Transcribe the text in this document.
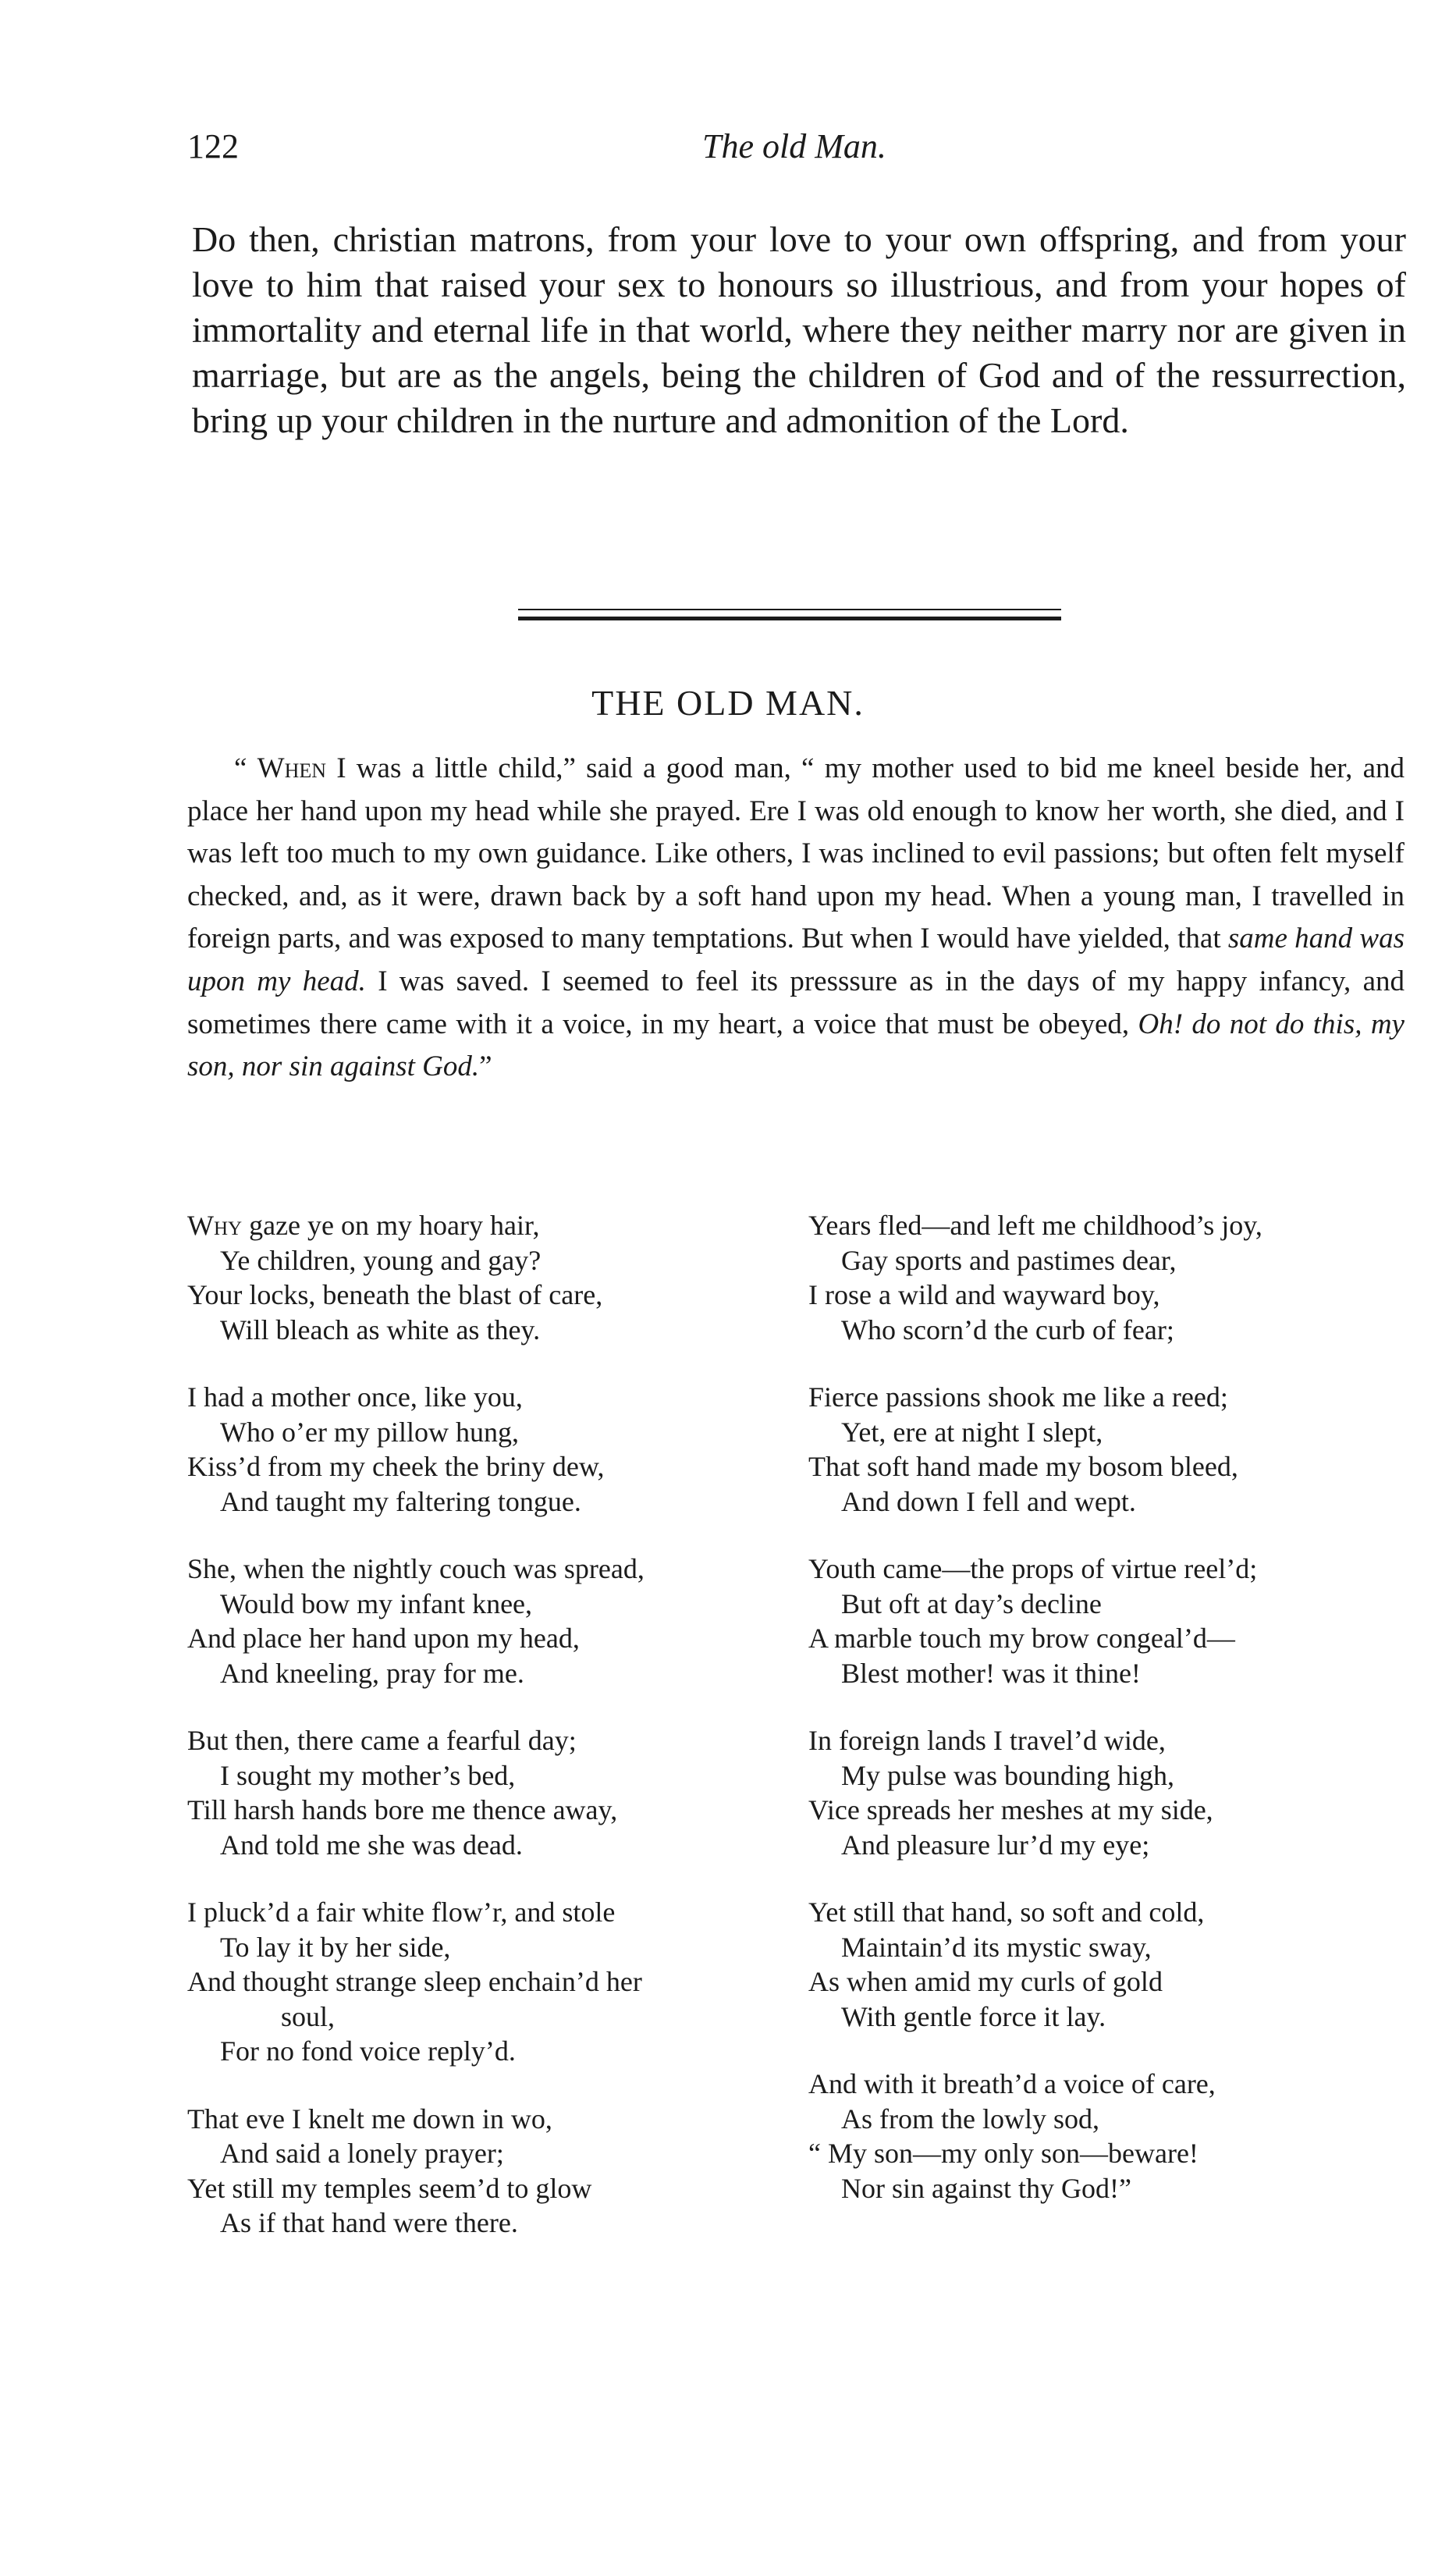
122	The old Man.

Do then, christian matrons, from your love to your own offspring, and from your love to him that raised your sex to honours so illustrious, and from your hopes of immortality and eternal life in that world, where they neither marry nor are given in marriage, but are as the angels, being the children of God and of the ressurrection, bring up your children in the nurture and admonition of the Lord.

THE OLD MAN.

“ When I was a little child,” said a good man, “ my mother used to bid me kneel beside her, and place her hand upon my head while she prayed. Ere I was old enough to know her worth, she died, and I was left too much to my own guidance. Like others, I was inclined to evil passions; but often felt myself checked, and, as it were, drawn back by a soft hand upon my head. When a young man, I travelled in foreign parts, and was exposed to many temptations. But when I would have yielded, that same hand was upon my head. I was saved. I seemed to feel its presssure as in the days of my happy infancy, and sometimes there came with it a voice, in my heart, a voice that must be obeyed, Oh! do not do this, my son, nor sin against God.”

Why gaze ye on my hoary hair,
Ye children, young and gay?
Your locks, beneath the blast of care,
Will bleach as white as they.
I had a mother once, like you,
Who o’er my pillow hung,
Kiss’d from my cheek the briny dew,
And taught my faltering tongue.
She, when the nightly couch was spread,
Would bow my infant knee,
And place her hand upon my head,
And kneeling, pray for me.
But then, there came a fearful day;
I sought my mother’s bed,
Till harsh hands bore me thence away,
And told me she was dead.
I pluck’d a fair white flow’r, and stole
To lay it by her side,
And thought strange sleep enchain’d her
soul,
For no fond voice reply’d.
That eve I knelt me down in wo,
And said a lonely prayer;
Yet still my temples seem’d to glow
As if that hand were there.
Years fled—and left me childhood’s joy,
Gay sports and pastimes dear,
I rose a wild and wayward boy,
Who scorn’d the curb of fear;
Fierce passions shook me like a reed;
Yet, ere at night I slept,
That soft hand made my bosom bleed,
And down I fell and wept.
Youth came—the props of virtue reel’d;
But oft at day’s decline
A marble touch my brow congeal’d—
Blest mother! was it thine!
In foreign lands I travel’d wide,
My pulse was bounding high,
Vice spreads her meshes at my side,
And pleasure lur’d my eye;
Yet still that hand, so soft and cold,
Maintain’d its mystic sway,
As when amid my curls of gold
With gentle force it lay.
And with it breath’d a voice of care,
As from the lowly sod,
“ My son—my only son—beware!
Nor sin against thy God!”
